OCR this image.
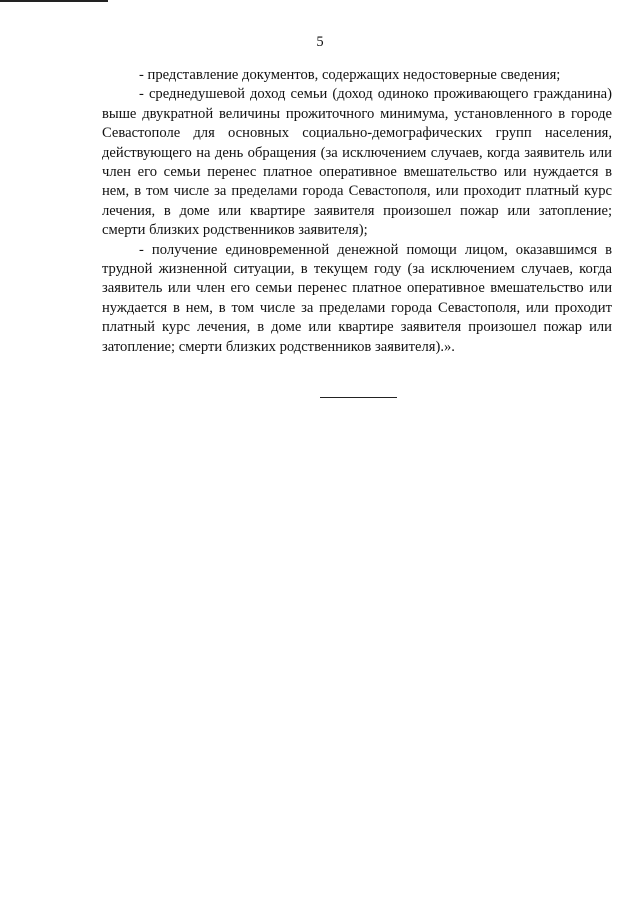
5

- представление документов, содержащих недостоверные сведения;

- среднедушевой доход семьи (доход одиноко проживающего гражданина) выше двукратной величины прожиточного минимума, установленного в городе Севастополе для основных социально-демографических групп населения, действующего на день обращения (за исключением случаев, когда заявитель или член его семьи перенес платное оперативное вмешательство или нуждается в нем, в том числе за пределами города Севастополя, или проходит платный курс лечения, в доме или квартире заявителя произошел пожар или затопление; смерти близких родственников заявителя);

- получение единовременной денежной помощи лицом, оказавшимся в трудной жизненной ситуации, в текущем году (за исключением случаев, когда заявитель или член его семьи перенес платное оперативное вмешательство или нуждается в нем, в том числе за пределами города Севастополя, или проходит платный курс лечения, в доме или квартире заявителя произошел пожар или затопление; смерти близких родственников заявителя).».
